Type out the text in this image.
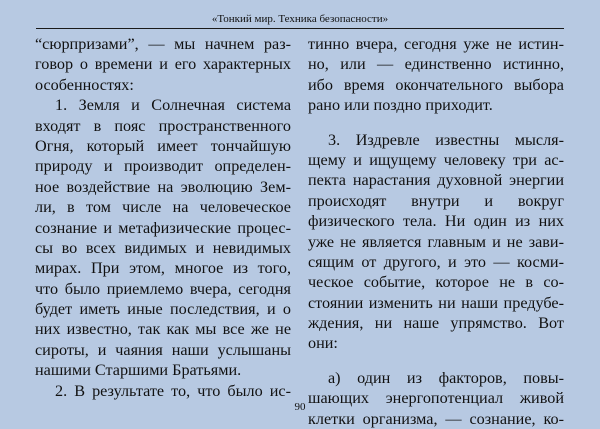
«Тонкий мир. Техника безопасности»
“сюрпризами”, — мы начнем раз-
говор о времени и его характерных
особенностях:
1. Земля и Солнечная система
входят в пояс пространственного
Огня, который имеет тончайшую
природу и производит определен-
ное воздействие на эволюцию Зем-
ли, в том числе на человеческое
сознание и метафизические процес-
сы во всех видимых и невидимых
мирах. При этом, многое из того,
что было приемлемо вчера, сегодня
будет иметь иные последствия, и о
них известно, так как мы все же не
сироты, и чаяния наши услышаны
нашими Старшими Братьями.
2. В результате то, что было ис-
тинно вчера, сегодня уже не истин-
но, или — единственно истинно,
ибо время окончательного выбора
рано или поздно приходит.
3. Издревле известны мысля-
щему и ищущему человеку три ас-
пекта нарастания духовной энергии
происходят внутри и вокруг
физического тела. Ни один из них
уже не является главным и не зави-
сящим от другого, и это — косми-
ческое событие, которое не в со-
стоянии изменить ни наши предубе-
ждения, ни наше упрямство. Вот
они:
а) один из факторов, повы-
шающих энергопотенциал живой
клетки организма, — сознание, ко-
90
